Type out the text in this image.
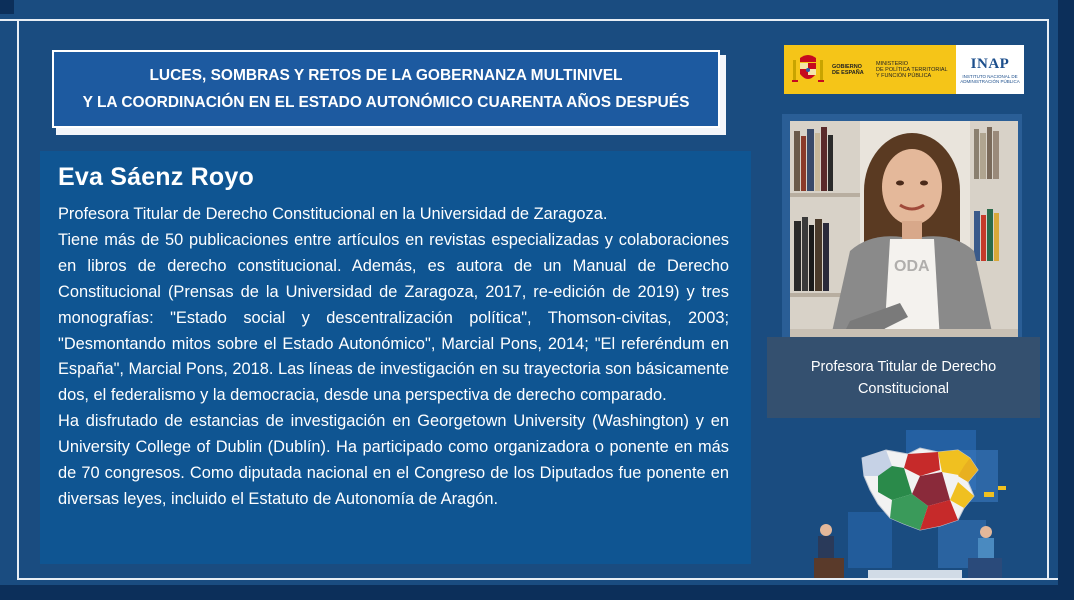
LUCES, SOMBRAS Y RETOS DE LA GOBERNANZA MULTINIVEL
Y LA COORDINACIÓN EN EL ESTADO AUTONÓMICO CUARENTA AÑOS DESPUÉS
Eva Sáenz Royo

Profesora Titular de Derecho Constitucional en la Universidad de Zaragoza.

Tiene más de 50 publicaciones entre artículos en revistas especializadas y colaboraciones en libros de derecho constitucional. Además, es autora de un Manual de Derecho Constitucional (Prensas de la Universidad de Zaragoza, 2017, re-edición de 2019) y tres monografías: "Estado social y descentralización política", Thomson-civitas, 2003; "Desmontando mitos sobre el Estado Autonómico", Marcial Pons, 2014; "El referéndum en España", Marcial Pons, 2018. Las líneas de investigación en su trayectoria son básicamente dos, el federalismo y la democracia, desde una perspectiva de derecho comparado.

Ha disfrutado de estancias de investigación en Georgetown University (Washington) y en University College of Dublin (Dublín). Ha participado como organizadora o ponente en más de 70 congresos. Como diputada nacional en el Congreso de los Diputados fue ponente en diversas leyes, incluido el Estatuto de Autonomía de Aragón.

GOBIERNO
DE ESPAÑA
MINISTERIO
DE POLÍTICA TERRITORIAL
Y FUNCIÓN PÚBLICA
INAP
INSTITUTO NACIONAL DE
ADMINISTRACIÓN PÚBLICA
ODA
Profesora Titular de Derecho
Constitucional
